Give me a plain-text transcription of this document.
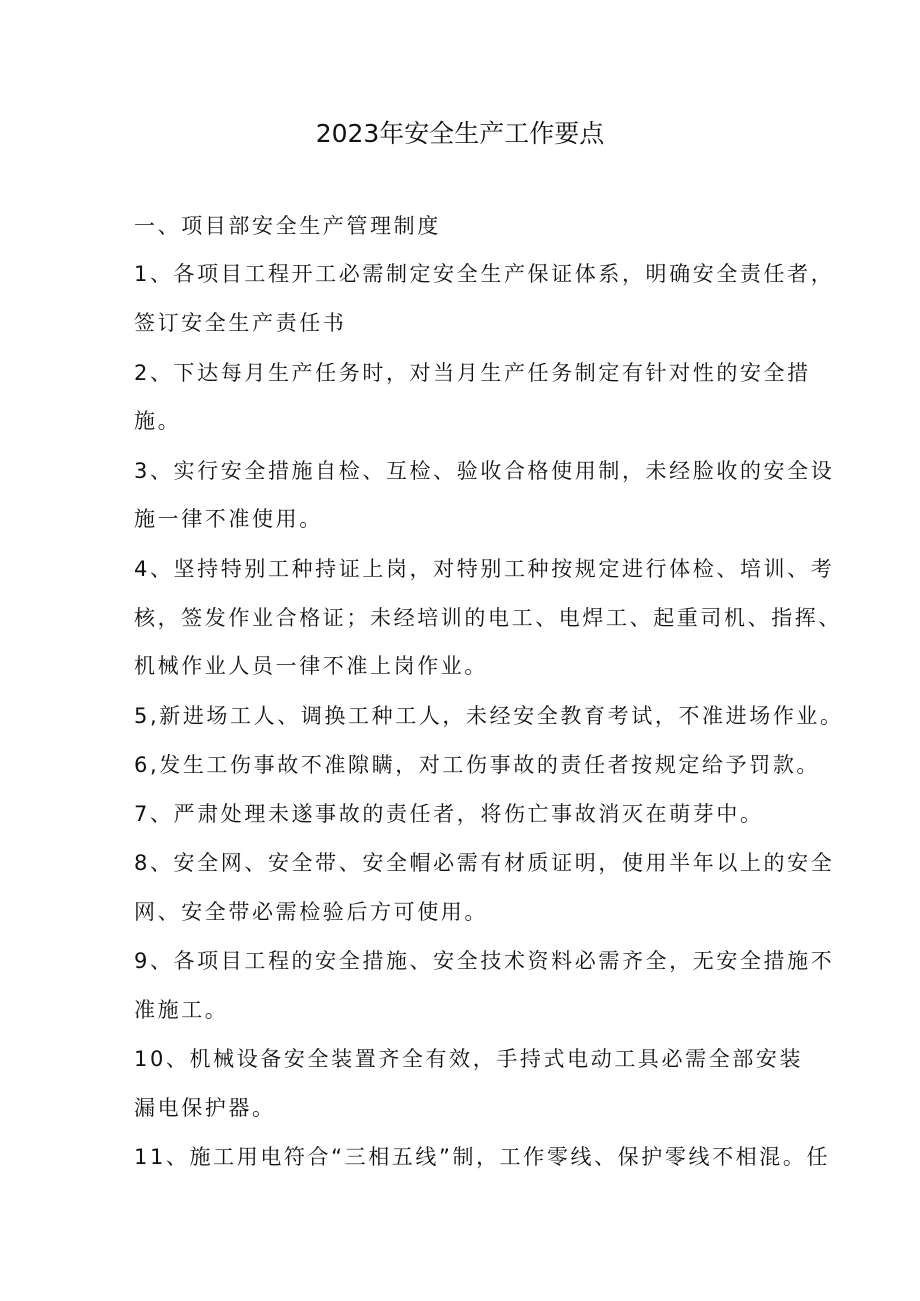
2023年安全生产工作要点
一、项目部安全生产管理制度
1、各项目工程开工必需制定安全生产保证体系，明确安全责任者，
签订安全生产责任书
2、下达每月生产任务时，对当月生产任务制定有针对性的安全措
施。
3、实行安全措施自检、互检、验收合格使用制，未经脸收的安全设
施一律不准使用。
4、坚持特别工种持证上岗，对特别工种按规定进行体检、培训、考
核，签发作业合格证；未经培训的电工、电焊工、起重司机、指挥、
机械作业人员一律不准上岗作业。
5,新进场工人、调换工种工人，未经安全教育考试，不准进场作业。
6,发生工伤事故不准隙瞒，对工伤事故的责任者按规定给予罚款。
7、严肃处理未遂事故的责任者，将伤亡事故消灭在萌芽中。
8、安全网、安全带、安全帽必需有材质证明，使用半年以上的安全
网、安全带必需检验后方可使用。
9、各项目工程的安全措施、安全技术资料必需齐全，无安全措施不
准施工。
10、机械设备安全装置齐全有效，手持式电动工具必需全部安装
漏电保护器。
11、施工用电符合“三相五线”制，工作零线、保护零线不相混。任
